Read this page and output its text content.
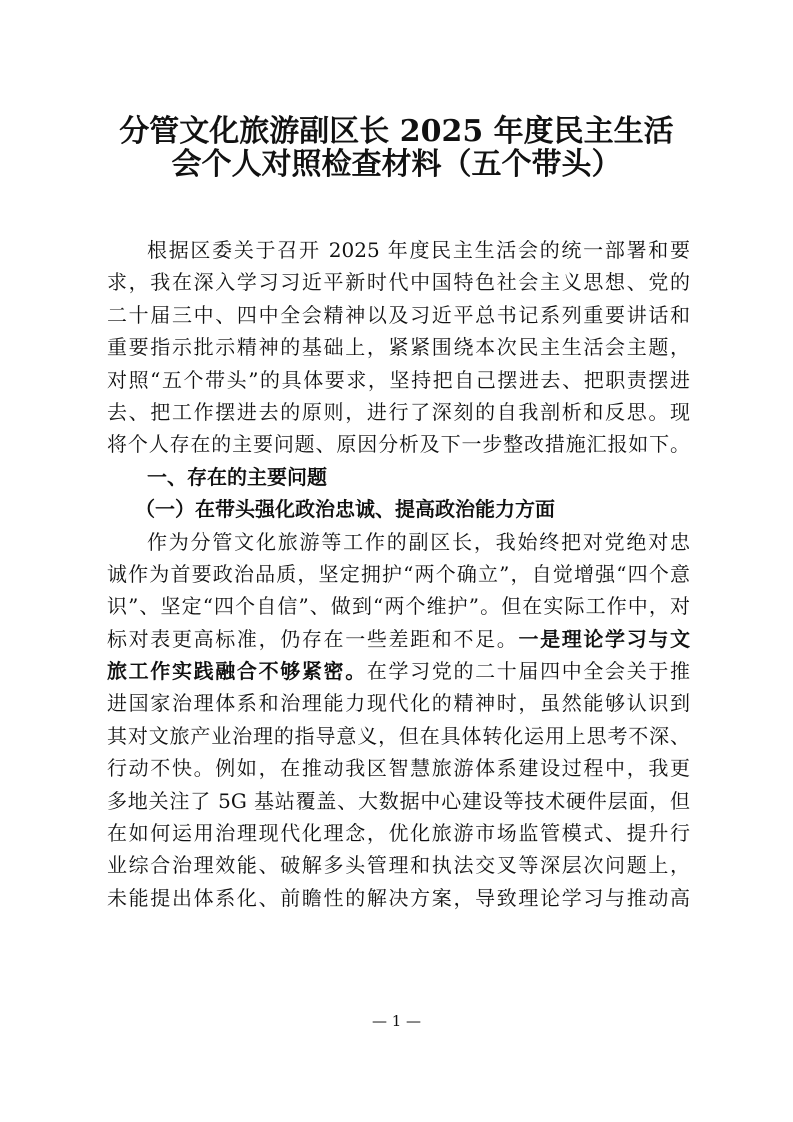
分管文化旅游副区长 2025 年度民主生活
会个人对照检查材料（五个带头）
根据区委关于召开 2025 年度民主生活会的统一部署和要
求，我在深入学习习近平新时代中国特色社会主义思想、党的
二十届三中、四中全会精神以及习近平总书记系列重要讲话和
重要指示批示精神的基础上，紧紧围绕本次民主生活会主题，
对照“五个带头”的具体要求，坚持把自己摆进去、把职责摆进
去、把工作摆进去的原则，进行了深刻的自我剖析和反思。现
将个人存在的主要问题、原因分析及下一步整改措施汇报如下。
一、存在的主要问题
（一）在带头强化政治忠诚、提高政治能力方面
作为分管文化旅游等工作的副区长，我始终把对党绝对忠
诚作为首要政治品质，坚定拥护“两个确立”，自觉增强“四个意
识”、坚定“四个自信”、做到“两个维护”。但在实际工作中，对
标对表更高标准，仍存在一些差距和不足。一是理论学习与文
旅工作实践融合不够紧密。在学习党的二十届四中全会关于推
进国家治理体系和治理能力现代化的精神时，虽然能够认识到
其对文旅产业治理的指导意义，但在具体转化运用上思考不深、
行动不快。例如，在推动我区智慧旅游体系建设过程中，我更
多地关注了 5G 基站覆盖、大数据中心建设等技术硬件层面，但
在如何运用治理现代化理念，优化旅游市场监管模式、提升行
业综合治理效能、破解多头管理和执法交叉等深层次问题上，
未能提出体系化、前瞻性的解决方案，导致理论学习与推动高
— 1 —
